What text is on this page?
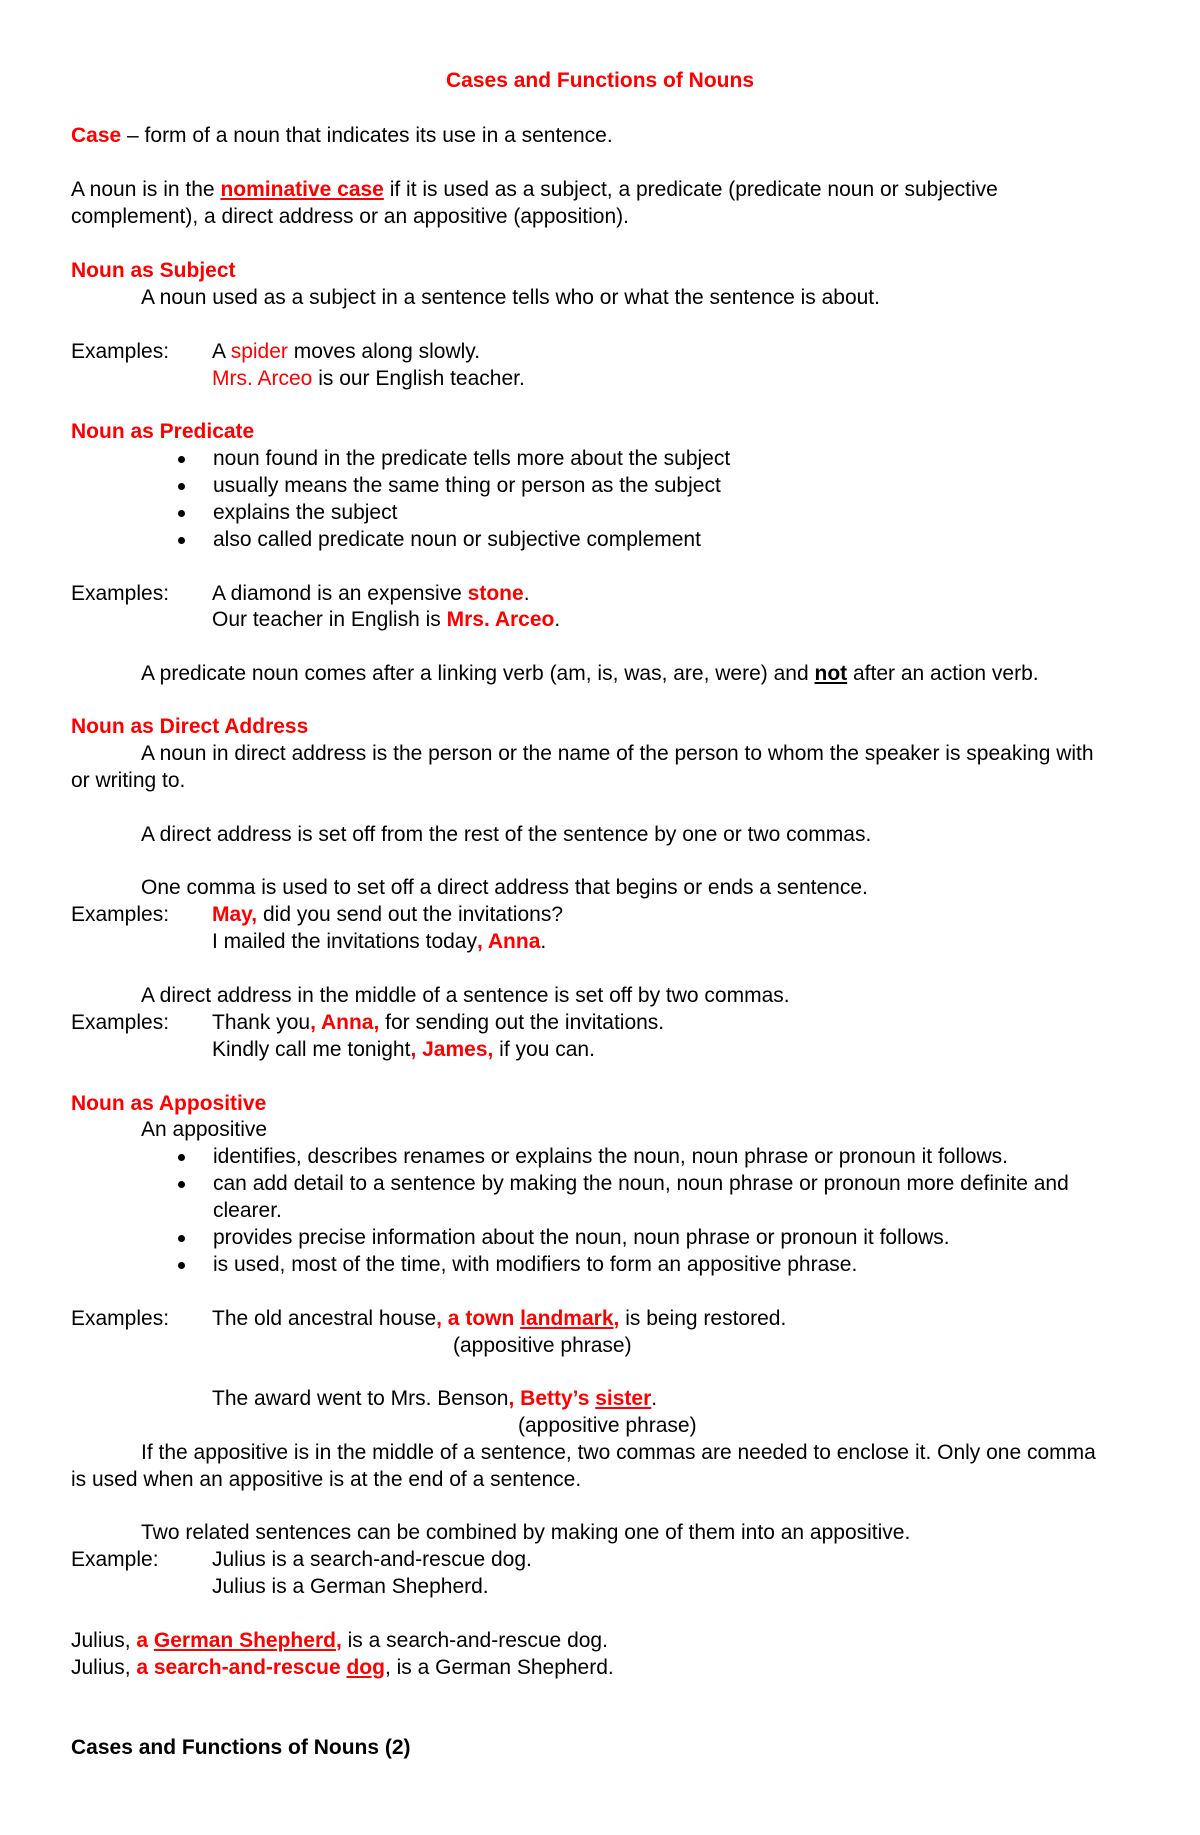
Cases and Functions of Nouns
Case – form of a noun that indicates its use in a sentence.
A noun is in the nominative case if it is used as a subject, a predicate (predicate noun or subjective
complement), a direct address or an appositive (apposition).
Noun as Subject
A noun used as a subject in a sentence tells who or what the sentence is about.
Examples: A spider moves along slowly.
Mrs. Arceo is our English teacher.
Noun as Predicate
noun found in the predicate tells more about the subject
usually means the same thing or person as the subject
explains the subject
also called predicate noun or subjective complement
Examples: A diamond is an expensive stone.
Our teacher in English is Mrs. Arceo.
A predicate noun comes after a linking verb (am, is, was, are, were) and not after an action verb.
Noun as Direct Address
A noun in direct address is the person or the name of the person to whom the speaker is speaking with
or writing to.
A direct address is set off from the rest of the sentence by one or two commas.
One comma is used to set off a direct address that begins or ends a sentence.
Examples: May, did you send out the invitations?
I mailed the invitations today, Anna.
A direct address in the middle of a sentence is set off by two commas.
Examples: Thank you, Anna, for sending out the invitations.
Kindly call me tonight, James, if you can.
Noun as Appositive
An appositive
identifies, describes renames or explains the noun, noun phrase or pronoun it follows.
can add detail to a sentence by making the noun, noun phrase or pronoun more definite and
clearer.
provides precise information about the noun, noun phrase or pronoun it follows.
is used, most of the time, with modifiers to form an appositive phrase.
Examples: The old ancestral house, a town landmark, is being restored.
(appositive phrase)
The award went to Mrs. Benson, Betty’s sister.
(appositive phrase)
If the appositive is in the middle of a sentence, two commas are needed to enclose it. Only one comma
is used when an appositive is at the end of a sentence.
Two related sentences can be combined by making one of them into an appositive.
Example:	Julius is a search-and-rescue dog.
Julius is a German Shepherd.
Julius, a German Shepherd, is a search-and-rescue dog.
Julius, a search-and-rescue dog, is a German Shepherd.
Cases and Functions of Nouns (2)
